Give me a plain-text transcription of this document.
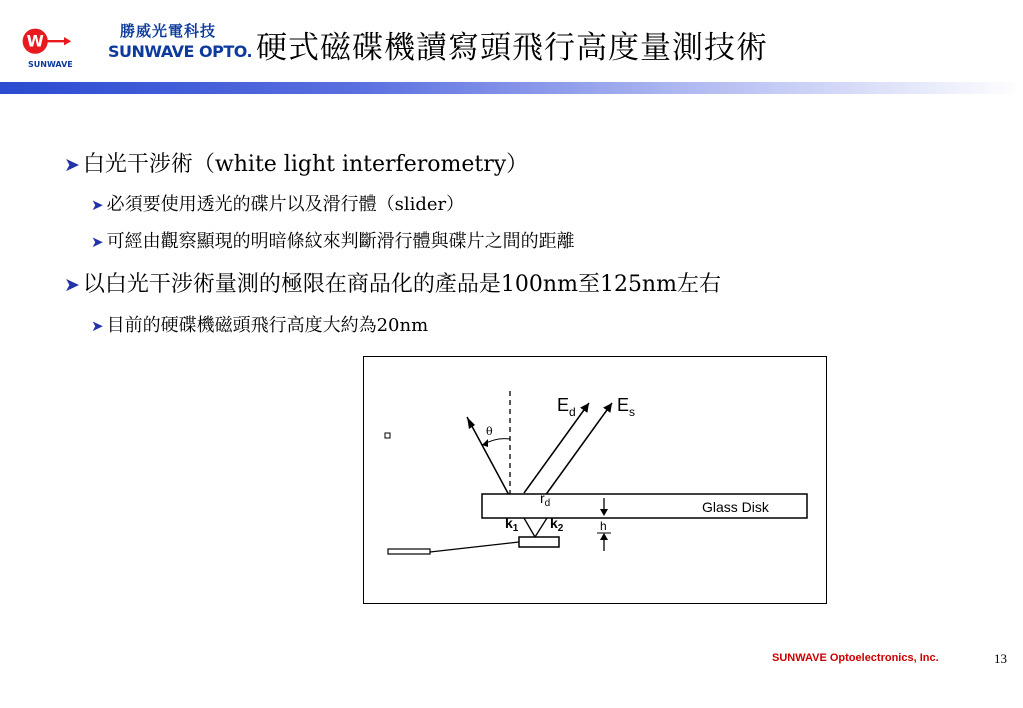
W
勝威光電科技
SUNWAVE OPTO.
SUNWAVE	硬式磁碟機讀寫頭飛行高度量測技術
➤ 白光干涉術（white light interferometry）
➤ 必須要使用透光的碟片以及滑行體（slider）
➤ 可經由觀察顯現的明暗條紋來判斷滑行體與碟片之間的距離
➤ 以白光干涉術量測的極限在商品化的產品是100nm至125nm左右
➤ 目前的硬碟機磁頭飛行高度大約為20nm
$E_d$ $E_s$
θ
$r_d$
$k_1$ $k_2$	h
Glass Disk
SUNWAVE Optoelectronics, Inc.	13
